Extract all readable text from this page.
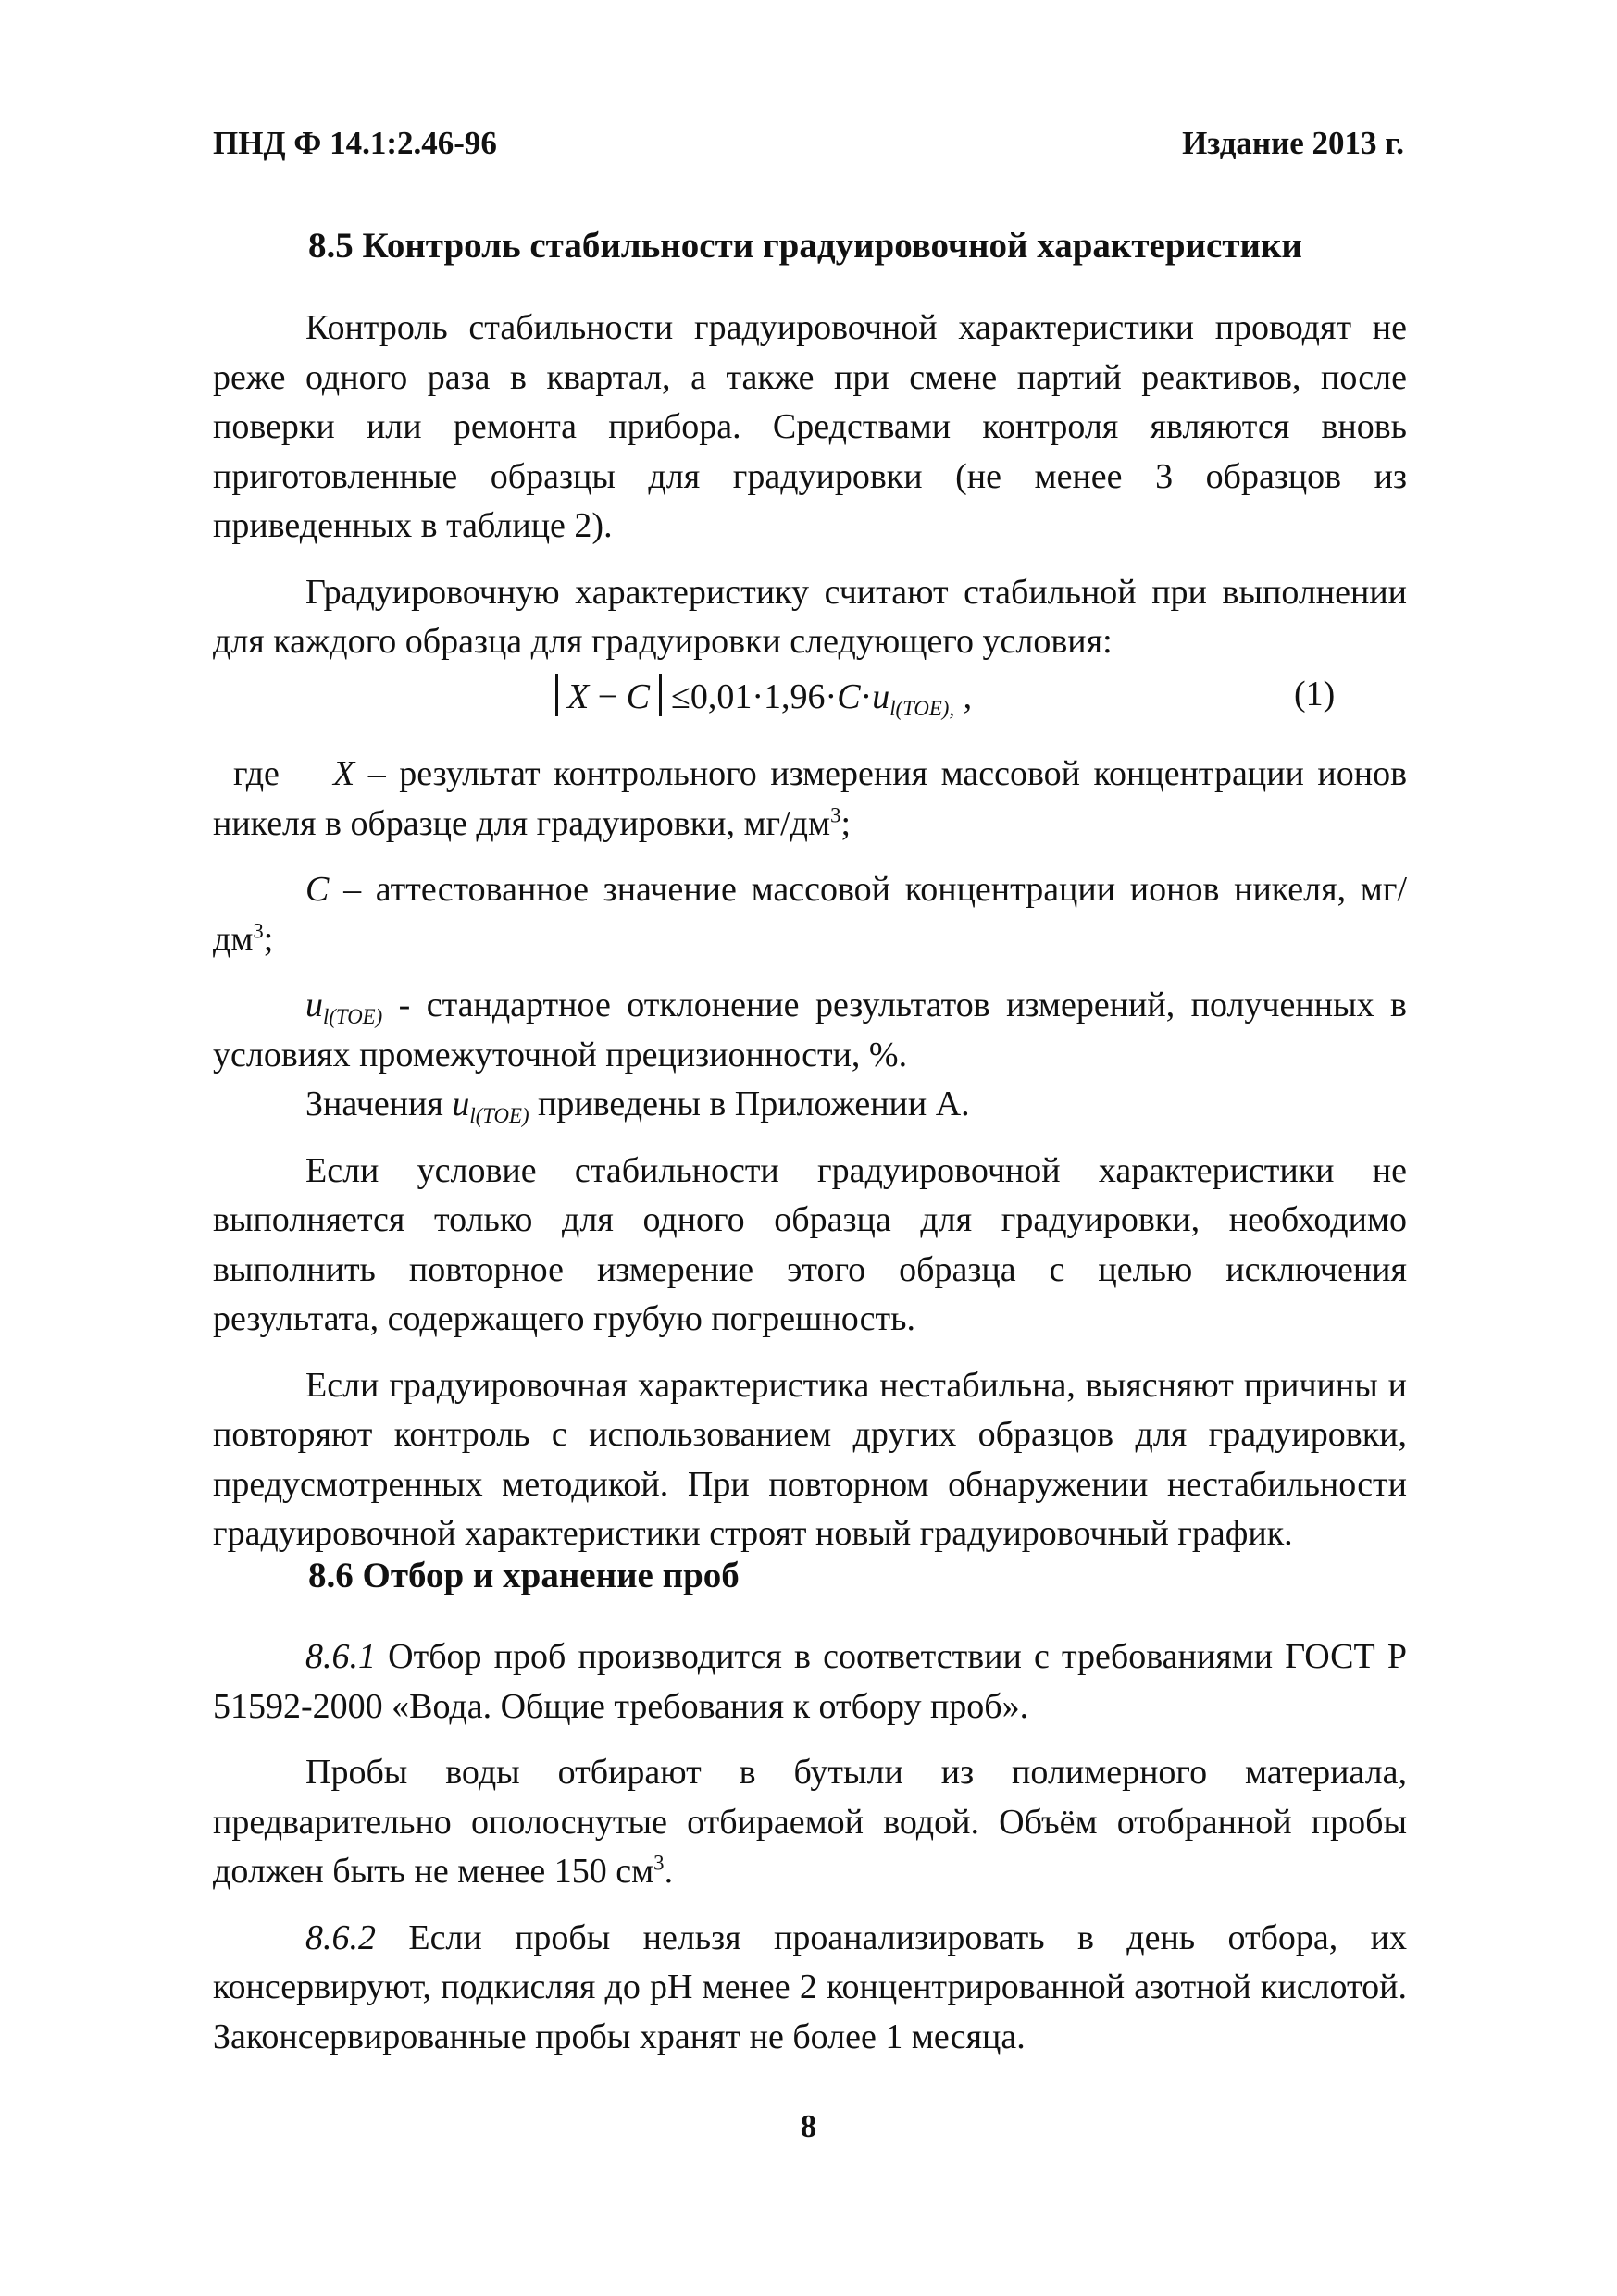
ПНД Ф 14.1:2.46-96	Издание 2013 г.
8.5 Контроль стабильности градуировочной характеристики

Контроль стабильности градуировочной характеристики проводят не реже одного раза в квартал, а также при смене партий реактивов, после поверки или ремонта прибора. Средствами контроля являются вновь приготовленные образцы для градуировки (не менее 3 образцов из приведенных в таблице 2).

Градуировочную характеристику считают стабильной при выполнении для каждого образца для градуировки следующего условия:

$X - C \le 0,01\cdot 1,96\cdot C\cdot u_{l(TOE),}$ ,	(1)

где X – результат контрольного измерения массовой концентрации ионов никеля в образце для градуировки, $мг/дм^3$;

C – аттестованное значение массовой концентрации ионов никеля, $мг/дм^3$;

$u_{l(TOE)}$ - стандартное отклонение результатов измерений, полученных в условиях промежуточной прецизионности, %.

Значения $u_{l(TOE)}$ приведены в Приложении А.

Если условие стабильности градуировочной характеристики не выполняется только для одного образца для градуировки, необходимо выполнить повторное измерение этого образца с целью исключения результата, содержащего грубую погрешность.

Если градуировочная характеристика нестабильна, выясняют причины и повторяют контроль с использованием других образцов для градуировки, предусмотренных методикой. При повторном обнаружении нестабильности градуировочной характеристики строят новый градуировочный график.

8.6 Отбор и хранение проб

8.6.1 Отбор проб производится в соответствии с требованиями ГОСТ Р 51592-2000 «Вода. Общие требования к отбору проб».

Пробы воды отбирают в бутыли из полимерного материала, предварительно ополоснутые отбираемой водой. Объём отобранной пробы должен быть не менее 150 $см^3$.

8.6.2 Если пробы нельзя проанализировать в день отбора, их консервируют, подкисляя до pH менее 2 концентрированной азотной кислотой. Законсервированные пробы хранят не более 1 месяца.

8
